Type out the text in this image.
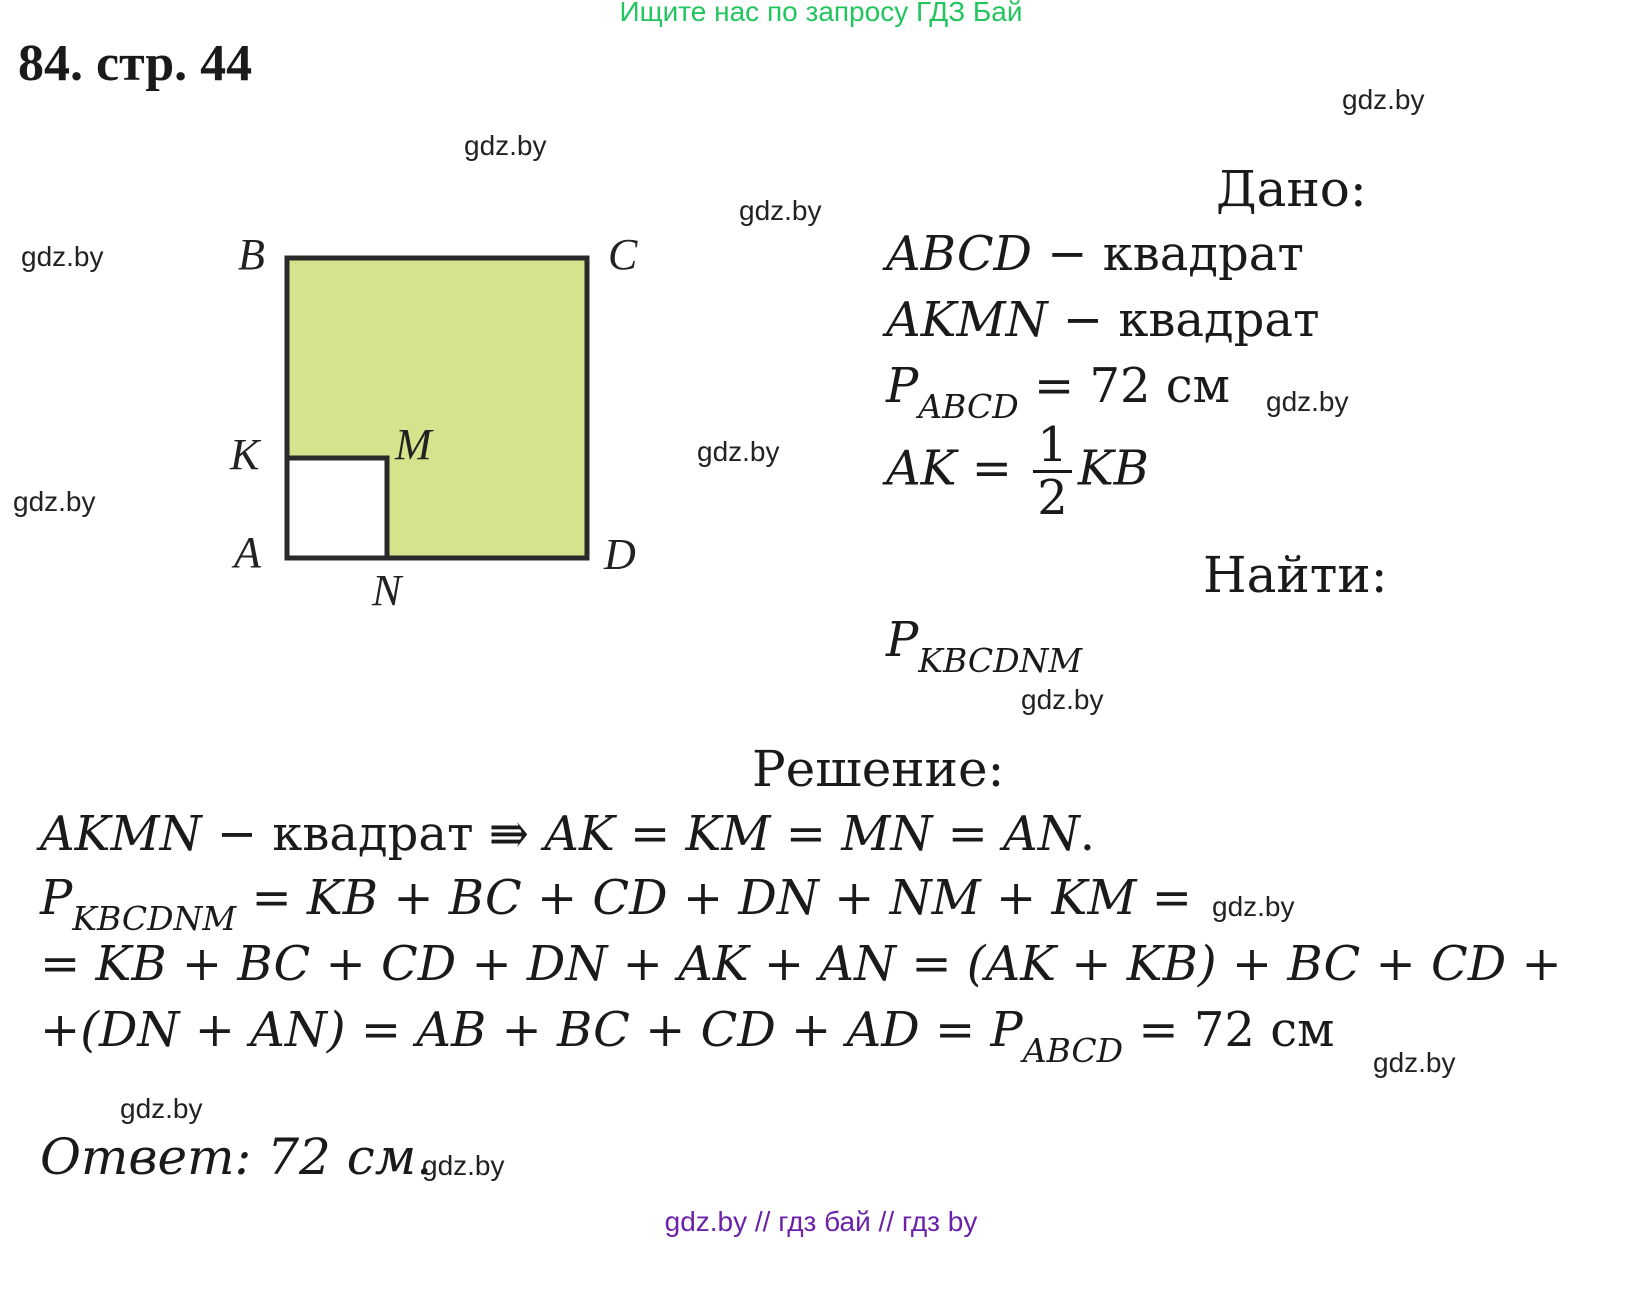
Ищите нас по запросу ГДЗ Бай
84. стр. 44
gdz.by
gdz.by
gdz.by
gdz.by
gdz.by
gdz.by
gdz.by
gdz.by
gdz.by
gdz.by
gdz.by
gdz.by
B	C
K	M
A
N
D
Дано:
ABCD − квадрат
AKMN − квадрат
$P_{ABCD} = 72$ см
AK = $\frac{1}{2}$ KB
Найти:
$P_{KBCDNM}$
Решение:
AKMN − квадрат ⇛ AK = KM = MN = AN.
$P_{KBCDNM}$ = KB + BC + CD + DN + NM + KM =
= KB + BC + CD + DN + AK + AN = (AK + KB) + BC + CD +
+(DN + AN) = AB + BC + CD + AD = $P_{ABCD} = 72$ см
Ответ: 72 см.
gdz.by // гдз бай // гдз by
